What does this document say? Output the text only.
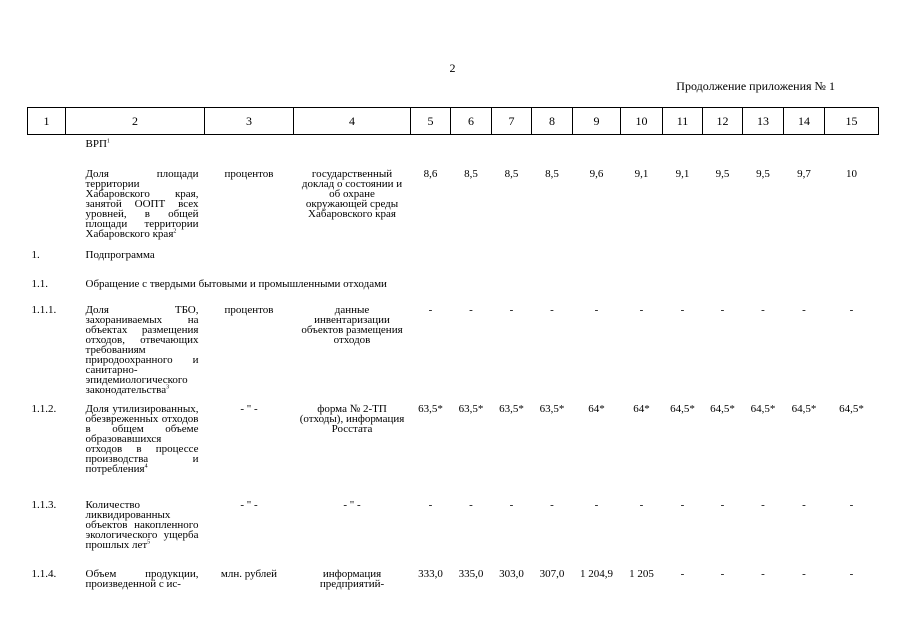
2
Продолжение приложения № 1
1	2	3	4	5	6	7	8	9	10	11	12	13	14	15
	ВРП$^1$													
	Доля площади территории Хабаровского края, занятой ООПТ всех уровней, в общей площади территории Хабаровского края$^2$	процентов	государственный доклад о состоянии и об охране окружающей среды Хабаровского края	8,6	8,5	8,5	8,5	9,6	9,1	9,1	9,5	9,5	9,7	10
1.	Подпрограмма													
1.1.	Обращение с твердыми бытовыми и промышленными отходами													
1.1.1.	Доля ТБО, захораниваемых на объектах размещения отходов, отвечающих требованиям природоохранного и санитарно-эпидемиологического законодательства$^3$	процентов	данные инвентаризации объектов размещения отходов	-	-	-	-	-	-	-	-	-	-	-
1.1.2.	Доля утилизированных, обезвреженных отходов в общем объеме образовавшихся отходов в процессе производства и потребления$^4$	- " -	форма № 2-ТП (отходы), информация Росстата	63,5*	63,5*	63,5*	63,5*	64*	64*	64,5*	64,5*	64,5*	64,5*	64,5*
1.1.3.	Количество ликвидированных объектов накопленного экологического ущерба прошлых лет$^5$	- " -	- " -	-	-	-	-	-	-	-	-	-	-	-
1.1.4.	Объем продукции, произведенной с ис-	млн. рублей	информация предприятий-	333,0	335,0	303,0	307,0	1 204,9	1 205	-	-	-	-	-
